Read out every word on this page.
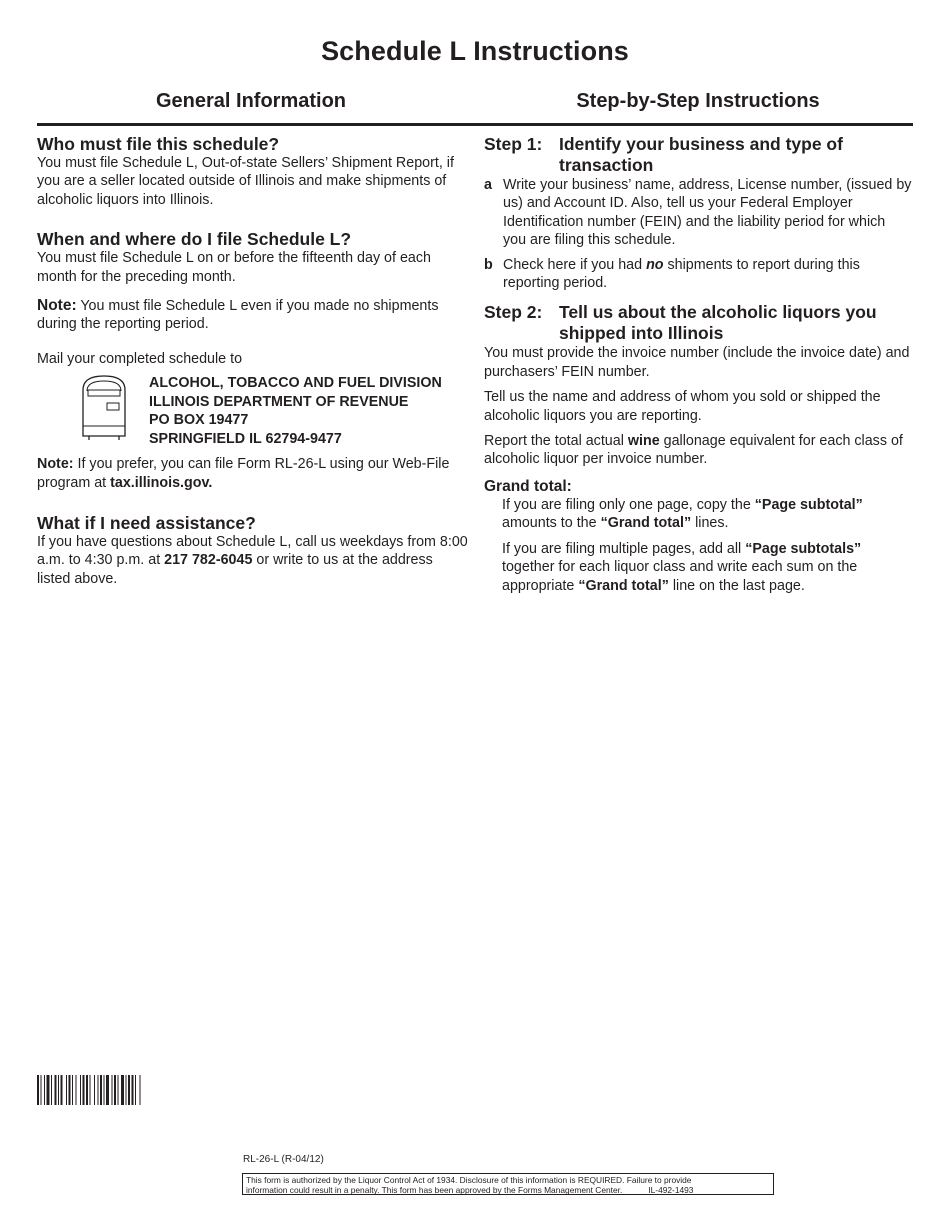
Schedule L Instructions
General Information	Step-by-Step Instructions
Who must file this schedule?

You must file Schedule L, Out-of-state Sellers’ Shipment Report, if you are a seller located outside of Illinois and make shipments of alcoholic liquors into Illinois.

When and where do I file Schedule L?

You must file Schedule L on or before the fifteenth day of each month for the preceding month.

Note: You must file Schedule L even if you made no shipments during the reporting period.

Mail your completed schedule to

ALCOHOL, TOBACCO AND FUEL DIVISION
ILLINOIS DEPARTMENT OF REVENUE
PO BOX 19477
SPRINGFIELD IL 62794-9477

Note: If you prefer, you can file Form RL-26-L using our Web-File program at tax.illinois.gov.

What if I need assistance?

If you have questions about Schedule L, call us weekdays from 8:00 a.m. to 4:30 p.m. at 217 782-6045 or write to us at the address listed above.

Step 1: Identify your business and type of transaction
a Write your business’ name, address, License number, (issued by us) and Account ID. Also, tell us your Federal Employer Identification number (FEIN) and the liability period for which you are filing this schedule.
b Check here if you had no shipments to report during this reporting period.
Step 2: Tell us about the alcoholic liquors you shipped into Illinois

You must provide the invoice number (include the invoice date) and purchasers’ FEIN number.

Tell us the name and address of whom you sold or shipped the alcoholic liquors you are reporting.

Report the total actual wine gallonage equivalent for each class of alcoholic liquor per invoice number.

Grand total:

If you are filing only one page, copy the “Page subtotal” amounts to the “Grand total” lines.

If you are filing multiple pages, add all “Page subtotals” together for each liquor class and write each sum on the appropriate “Grand total” line on the last page.

RL-26-L (R-04/12)
This form is authorized by the Liquor Control Act of 1934. Disclosure of this information is REQUIRED. Failure to provide
information could result in a penalty. This form has been approved by the Forms Management Center.	IL-492-1493
